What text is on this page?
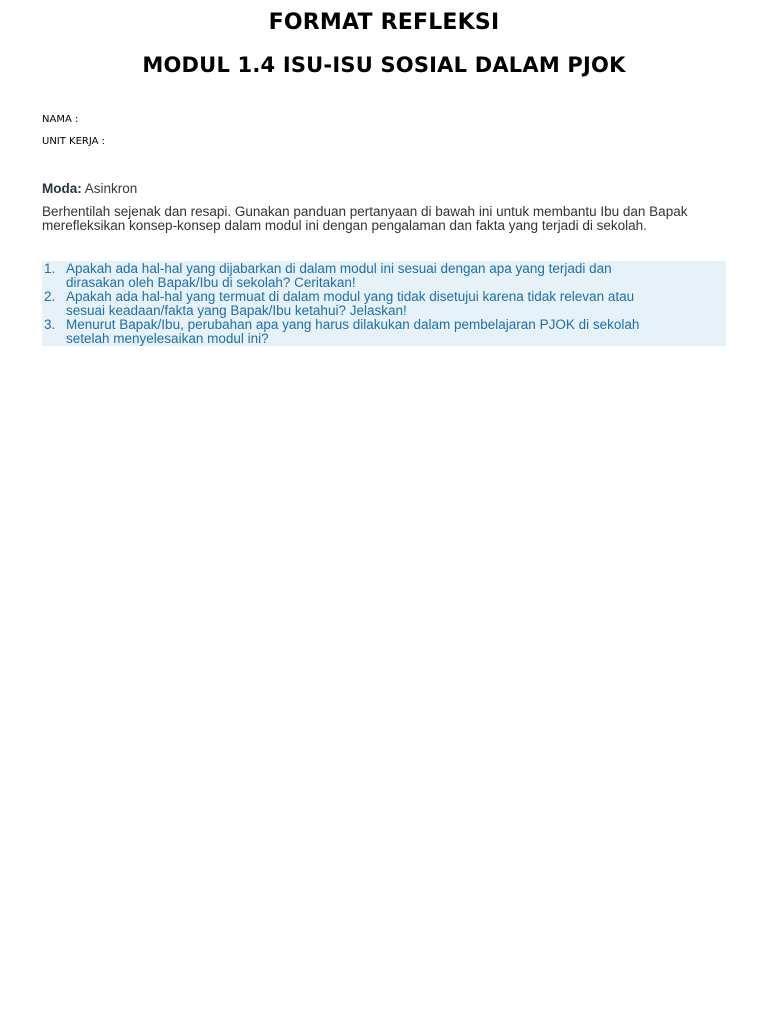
FORMAT REFLEKSI
MODUL 1.4 ISU-ISU SOSIAL DALAM PJOK
NAMA :
UNIT KERJA :
Moda: Asinkron

Berhentilah sejenak dan resapi. Gunakan panduan pertanyaan di bawah ini untuk membantu Ibu dan Bapak merefleksikan konsep-konsep dalam modul ini dengan pengalaman dan fakta yang terjadi di sekolah.

1. Apakah ada hal-hal yang dijabarkan di dalam modul ini sesuai dengan apa yang terjadi dan
dirasakan oleh Bapak/Ibu di sekolah? Ceritakan!
2. Apakah ada hal-hal yang termuat di dalam modul yang tidak disetujui karena tidak relevan atau
sesuai keadaan/fakta yang Bapak/Ibu ketahui? Jelaskan!
3. Menurut Bapak/Ibu, perubahan apa yang harus dilakukan dalam pembelajaran PJOK di sekolah
setelah menyelesaikan modul ini?
